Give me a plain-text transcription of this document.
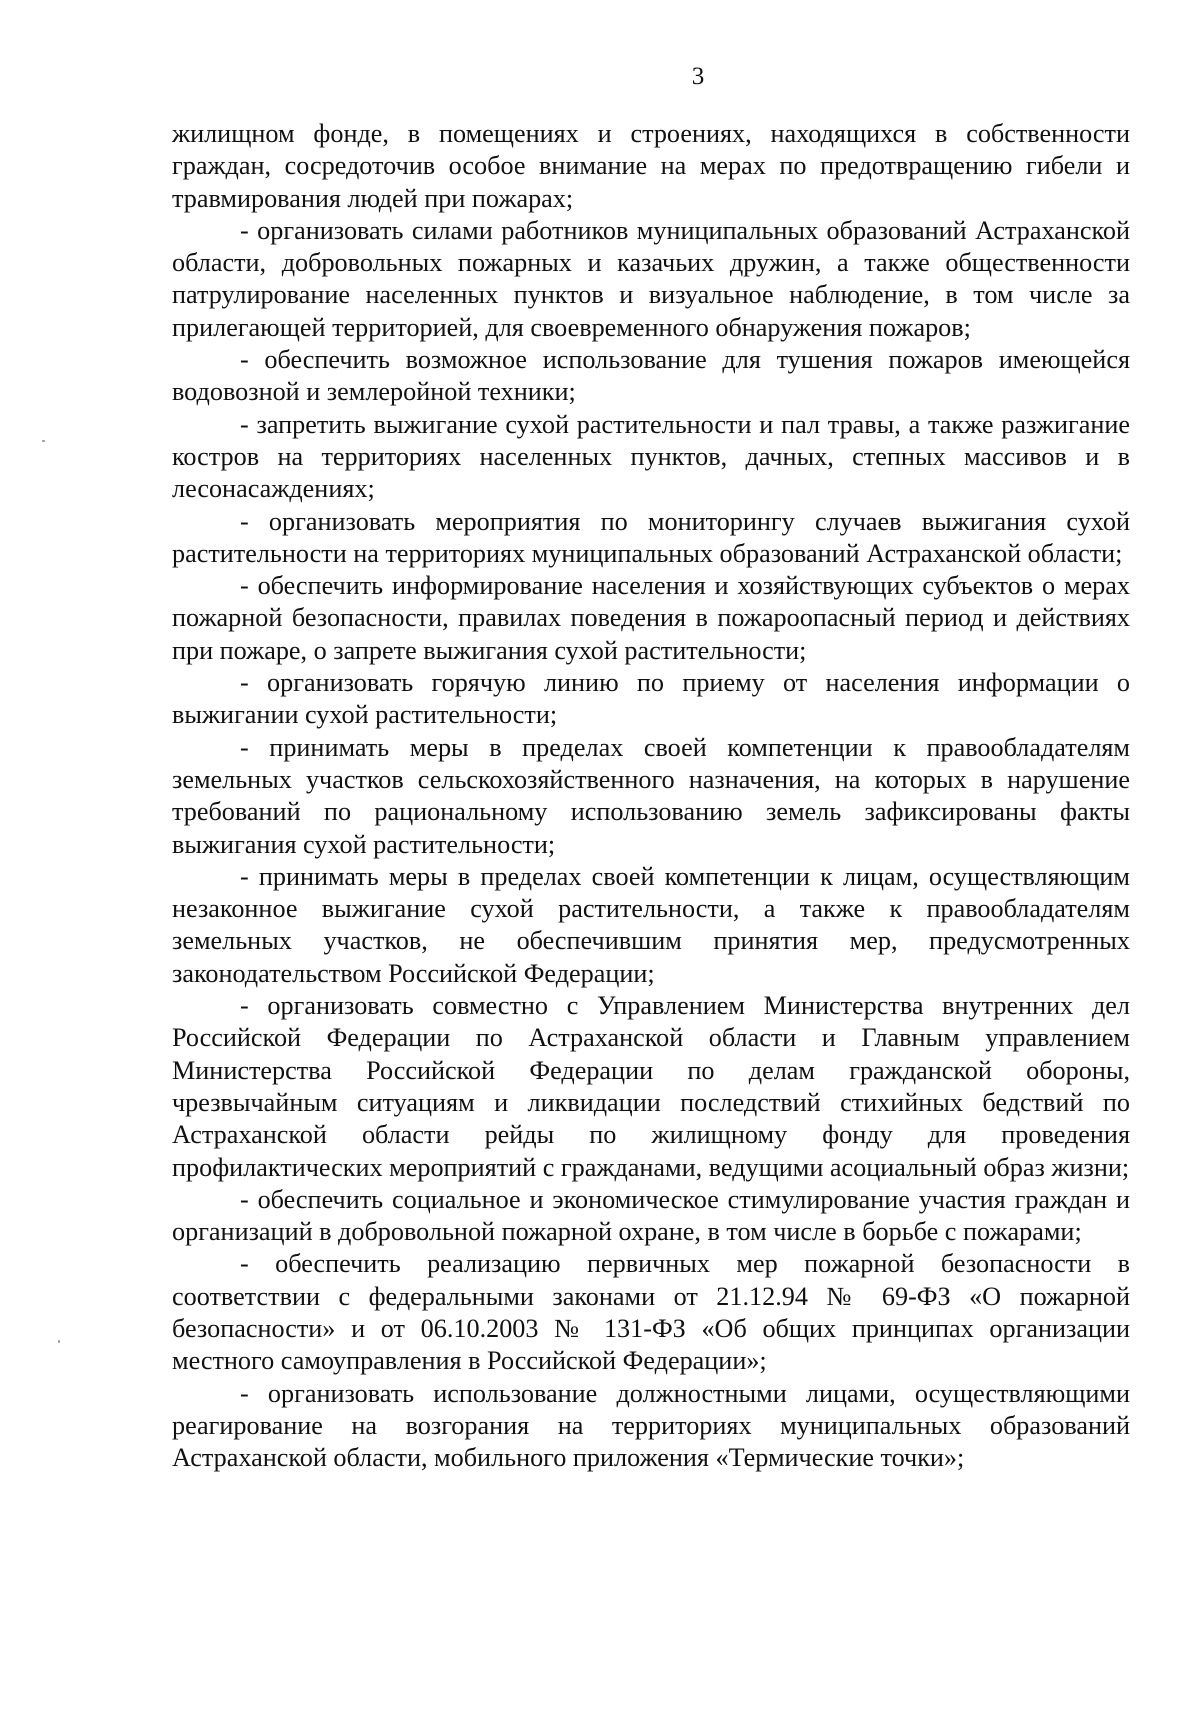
3

жилищном фонде, в помещениях и строениях, находящихся в собственности граждан, сосредоточив особое внимание на мерах по предотвращению гибели и травмирования людей при пожарах;

- организовать силами работников муниципальных образований Астраханской области, добровольных пожарных и казачьих дружин, а также общественности патрулирование населенных пунктов и визуальное наблюдение, в том числе за прилегающей территорией, для своевременного обнаружения пожаров;

- обеспечить возможное использование для тушения пожаров имеющейся водовозной и землеройной техники;

- запретить выжигание сухой растительности и пал травы, а также разжигание костров на территориях населенных пунктов, дачных, степных массивов и в лесонасаждениях;

- организовать мероприятия по мониторингу случаев выжигания сухой растительности на территориях муниципальных образований Астраханской области;

- обеспечить информирование населения и хозяйствующих субъектов о мерах пожарной безопасности, правилах поведения в пожароопасный период и действиях при пожаре, о запрете выжигания сухой растительности;

- организовать горячую линию по приему от населения информации о выжигании сухой растительности;

- принимать меры в пределах своей компетенции к правообладателям земельных участков сельскохозяйственного назначения, на которых в нарушение требований по рациональному использованию земель зафиксированы факты выжигания сухой растительности;

- принимать меры в пределах своей компетенции к лицам, осуществляющим незаконное выжигание сухой растительности, а также к правообладателям земельных участков, не обеспечившим принятия мер, предусмотренных законодательством Российской Федерации;

- организовать совместно с Управлением Министерства внутренних дел Российской Федерации по Астраханской области и Главным управлением Министерства Российской Федерации по делам гражданской обороны, чрезвычайным ситуациям и ликвидации последствий стихийных бедствий по Астраханской области рейды по жилищному фонду для проведения профилактических мероприятий с гражданами, ведущими асоциальный образ жизни;

- обеспечить социальное и экономическое стимулирование участия граждан и организаций в добровольной пожарной охране, в том числе в борьбе с пожарами;

- обеспечить реализацию первичных мер пожарной безопасности в соответствии с федеральными законами от 21.12.94 № 69-ФЗ «О пожарной безопасности» и от 06.10.2003 № 131-ФЗ «Об общих принципах организации местного самоуправления в Российской Федерации»;

- организовать использование должностными лицами, осуществляющими реагирование на возгорания на территориях муниципальных образований Астраханской области, мобильного приложения «Термические точки»;
